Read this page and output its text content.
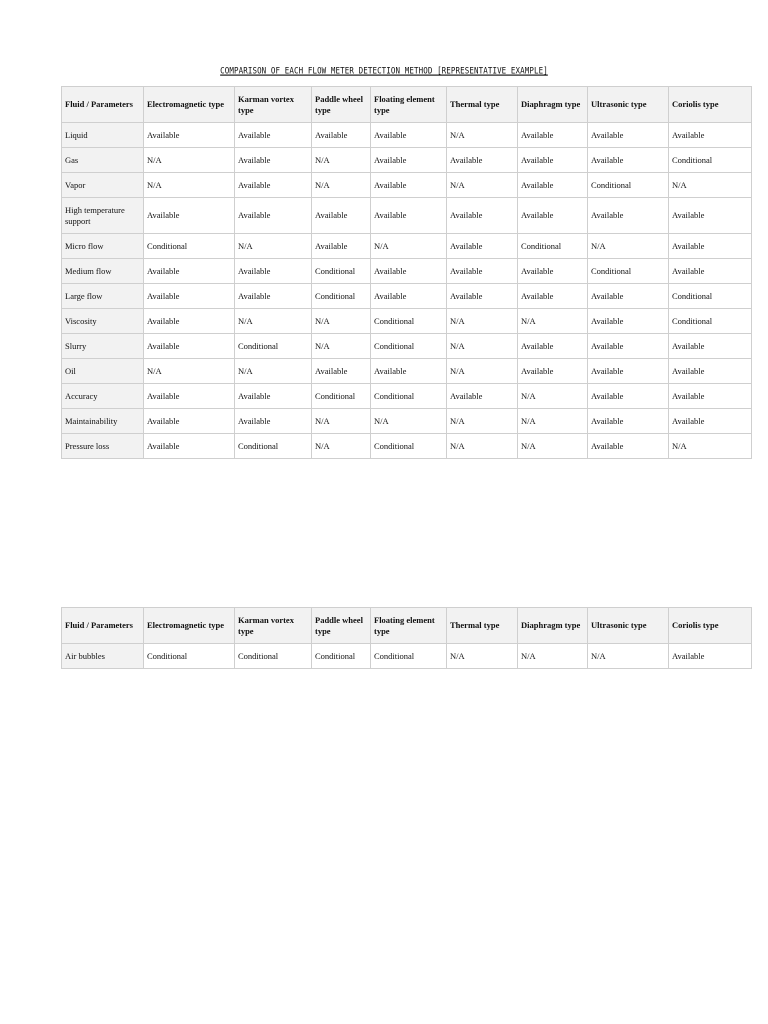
COMPARISON OF EACH FLOW METER DETECTION METHOD [REPRESENTATIVE EXAMPLE]
Fluid / Parameters	Electromagnetic type	Karman vortex type	Paddle wheel type	Floating element type	Thermal type	Diaphragm type	Ultrasonic type	Coriolis type
Liquid	Available	Available	Available	Available	N/A	Available	Available	Available
Gas	N/A	Available	N/A	Available	Available	Available	Available	Conditional
Vapor	N/A	Available	N/A	Available	N/A	Available	Conditional	N/A
High temperature support	Available	Available	Available	Available	Available	Available	Available	Available
Micro flow	Conditional	N/A	Available	N/A	Available	Conditional	N/A	Available
Medium flow	Available	Available	Conditional	Available	Available	Available	Conditional	Available
Large flow	Available	Available	Conditional	Available	Available	Available	Available	Conditional
Viscosity	Available	N/A	N/A	Conditional	N/A	N/A	Available	Conditional
Slurry	Available	Conditional	N/A	Conditional	N/A	Available	Available	Available
Oil	N/A	N/A	Available	Available	N/A	Available	Available	Available
Accuracy	Available	Available	Conditional	Conditional	Available	N/A	Available	Available
Maintainability	Available	Available	N/A	N/A	N/A	N/A	Available	Available
Pressure loss	Available	Conditional	N/A	Conditional	N/A	N/A	Available	N/A
Fluid / Parameters	Electromagnetic type	Karman vortex type	Paddle wheel type	Floating element type	Thermal type	Diaphragm type	Ultrasonic type	Coriolis type
Air bubbles	Conditional	Conditional	Conditional	Conditional	N/A	N/A	N/A	Available
